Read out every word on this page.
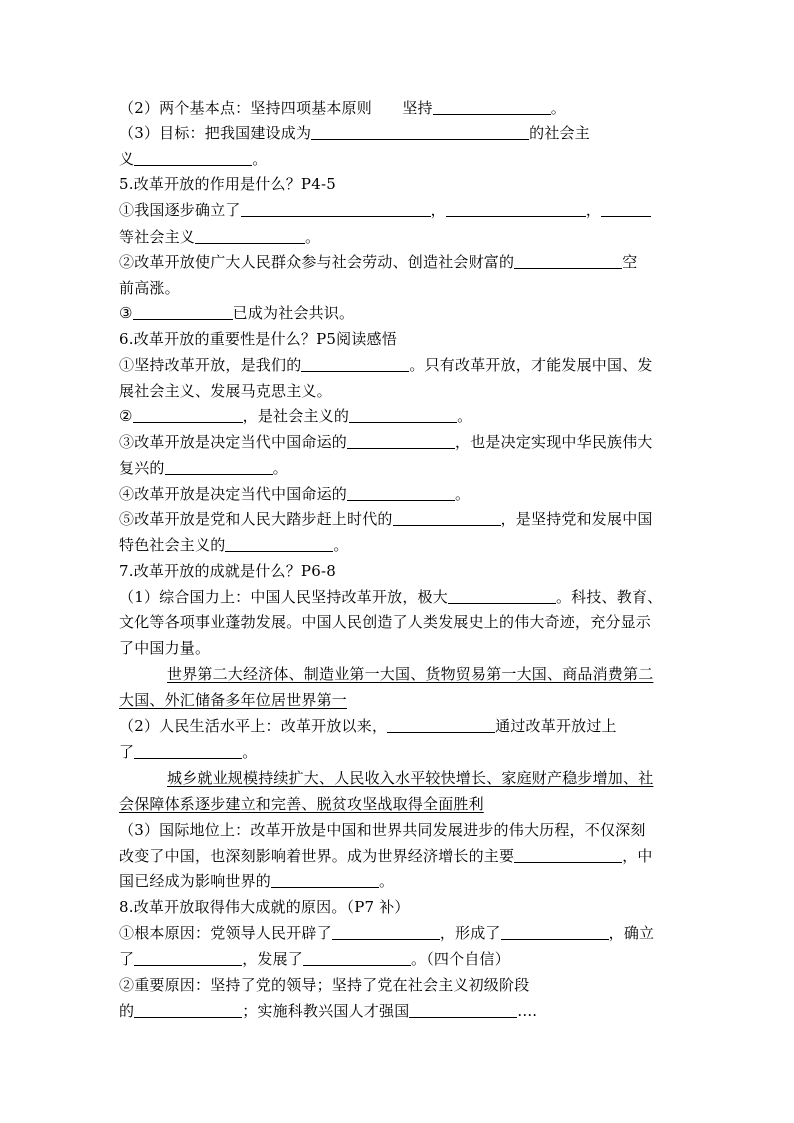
（2）两个基本点：坚持四项基本原则　　坚持	。
（3）目标：把我国建设成为	的社会主
义	。
5.改革开放的作用是什么？P4-5
①我国逐步确立了	，	，
等社会主义	。
②改革开放使广大人民群众参与社会劳动、创造社会财富的	空
前高涨。
③	已成为社会共识。
6.改革开放的重要性是什么？P5阅读感悟
①坚持改革开放，是我们的	。只有改革开放，才能发展中国、发
展社会主义、发展马克思主义。
②	，是社会主义的	。
③改革开放是决定当代中国命运的	，也是决定实现中华民族伟大
复兴的	。
④改革开放是决定当代中国命运的	。
⑤改革开放是党和人民大踏步赶上时代的	，是坚持党和发展中国
特色社会主义的	。
7.改革开放的成就是什么？P6-8
（1）综合国力上：中国人民坚持改革开放，极大	。科技、教育、
文化等各项事业蓬勃发展。中国人民创造了人类发展史上的伟大奇迹，充分显示
了中国力量。
世界第二大经济体、制造业第一大国、货物贸易第一大国、商品消费第二
大国、外汇储备多年位居世界第一
（2）人民生活水平上：改革开放以来，	通过改革开放过上
了	。
城乡就业规模持续扩大、人民收入水平较快增长、家庭财产稳步增加、社
会保障体系逐步建立和完善、脱贫攻坚战取得全面胜利
（3）国际地位上：改革开放是中国和世界共同发展进步的伟大历程，不仅深刻
改变了中国，也深刻影响着世界。成为世界经济增长的主要	，中
国已经成为影响世界的	。
8.改革开放取得伟大成就的原因。（P7 补）
①根本原因：党领导人民开辟了	，形成了	，确立
了	，发展了	。（四个自信）
②重要原因：坚持了党的领导；坚持了党在社会主义初级阶段
的	；实施科教兴国人才强国	....
